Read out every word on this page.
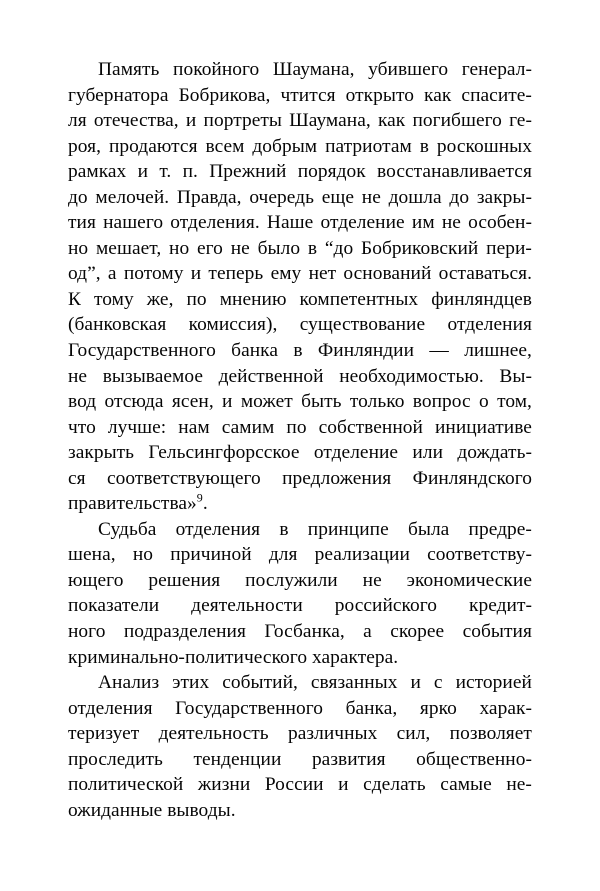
Память покойного Шаумана, убившего генерал-
губернатора Бобрикова, чтится открыто как спасите-
ля отечества, и портреты Шаумана, как погибшего ге-
роя, продаются всем добрым патриотам в роскошных
рамках и т. п. Прежний порядок восстанавливается
до мелочей. Правда, очередь еще не дошла до закры-
тия нашего отделения. Наше отделение им не особен-
но мешает, но его не было в “до Бобриковский пери-
од”, а потому и теперь ему нет оснований оставаться.
К тому же, по мнению компетентных финляндцев
(банковская комиссия), существование отделения
Государственного банка в Финляндии — лишнее,
не вызываемое действенной необходимостью. Вы-
вод отсюда ясен, и может быть только вопрос о том,
что лучше: нам самим по собственной инициативе
закрыть Гельсингфорсское отделение или дождать-
ся соответствующего предложения Финляндского
правительства»$^9$.
Судьба отделения в принципе была предре-
шена, но причиной для реализации соответству-
ющего решения послужили не экономические
показатели деятельности российского кредит-
ного подразделения Госбанка, а скорее события
криминально-политического характера.
Анализ этих событий, связанных и с историей
отделения Государственного банка, ярко харак-
теризует деятельность различных сил, позволяет
проследить тенденции развития общественно-
политической жизни России и сделать самые не-
ожиданные выводы.
